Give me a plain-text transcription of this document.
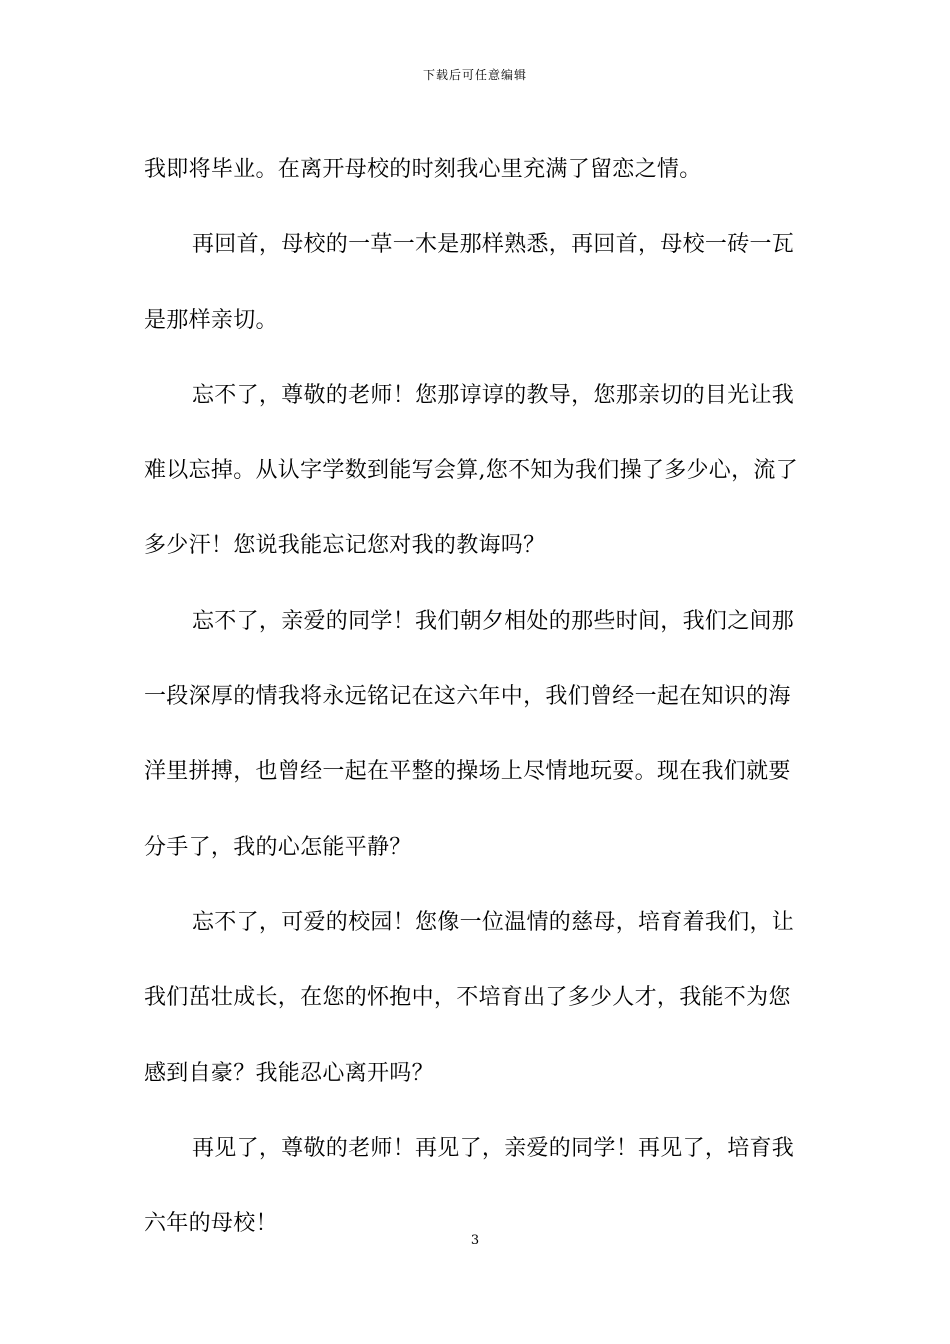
下载后可任意编辑
我即将毕业。在离开母校的时刻我心里充满了留恋之情。
再回首，母校的一草一木是那样熟悉，再回首，母校一砖一瓦
是那样亲切。
忘不了，尊敬的老师！您那谆谆的教导，您那亲切的目光让我
难以忘掉。从认字学数到能写会算,您不知为我们操了多少心，流了
多少汗！您说我能忘记您对我的教诲吗？
忘不了，亲爱的同学！我们朝夕相处的那些时间，我们之间那
一段深厚的情我将永远铭记在这六年中，我们曾经一起在知识的海
洋里拼搏，也曾经一起在平整的操场上尽情地玩耍。现在我们就要
分手了，我的心怎能平静？
忘不了，可爱的校园！您像一位温情的慈母，培育着我们，让
我们茁壮成长，在您的怀抱中，不培育出了多少人才，我能不为您
感到自豪？我能忍心离开吗？
再见了，尊敬的老师！再见了，亲爱的同学！再见了，培育我
六年的母校！
3
